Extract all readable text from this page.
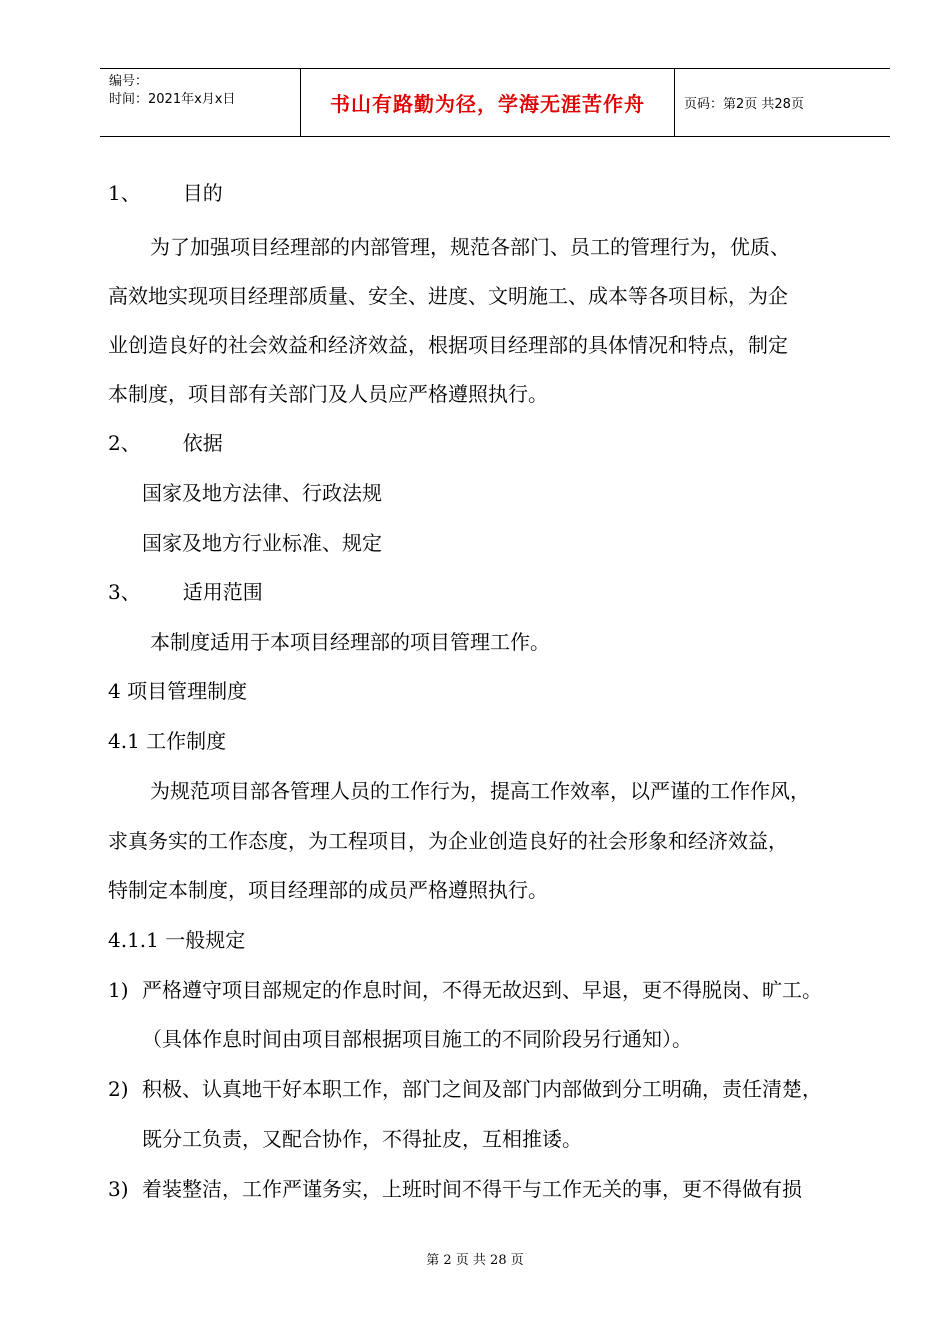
编号：
时间：2021年x月x日	书山有路勤为径，学海无涯苦作舟	页码：第2页 共28页
1、 目的
为了加强项目经理部的内部管理，规范各部门、员工的管理行为，优质、
高效地实现项目经理部质量、安全、进度、文明施工、成本等各项目标，为企
业创造良好的社会效益和经济效益，根据项目经理部的具体情况和特点，制定
本制度，项目部有关部门及人员应严格遵照执行。
2、 依据
国家及地方法律、行政法规
国家及地方行业标准、规定
3、 适用范围
本制度适用于本项目经理部的项目管理工作。
4 项目管理制度
4.1 工作制度
为规范项目部各管理人员的工作行为，提高工作效率，以严谨的工作作风，
求真务实的工作态度，为工程项目，为企业创造良好的社会形象和经济效益，
特制定本制度，项目经理部的成员严格遵照执行。
4.1.1 一般规定
1) 严格遵守项目部规定的作息时间，不得无故迟到、早退，更不得脱岗、旷工。
（具体作息时间由项目部根据项目施工的不同阶段另行通知）。
2) 积极、认真地干好本职工作，部门之间及部门内部做到分工明确，责任清楚，
既分工负责，又配合协作，不得扯皮，互相推诿。
3) 着装整洁，工作严谨务实，上班时间不得干与工作无关的事，更不得做有损
第 2 页 共 28 页
